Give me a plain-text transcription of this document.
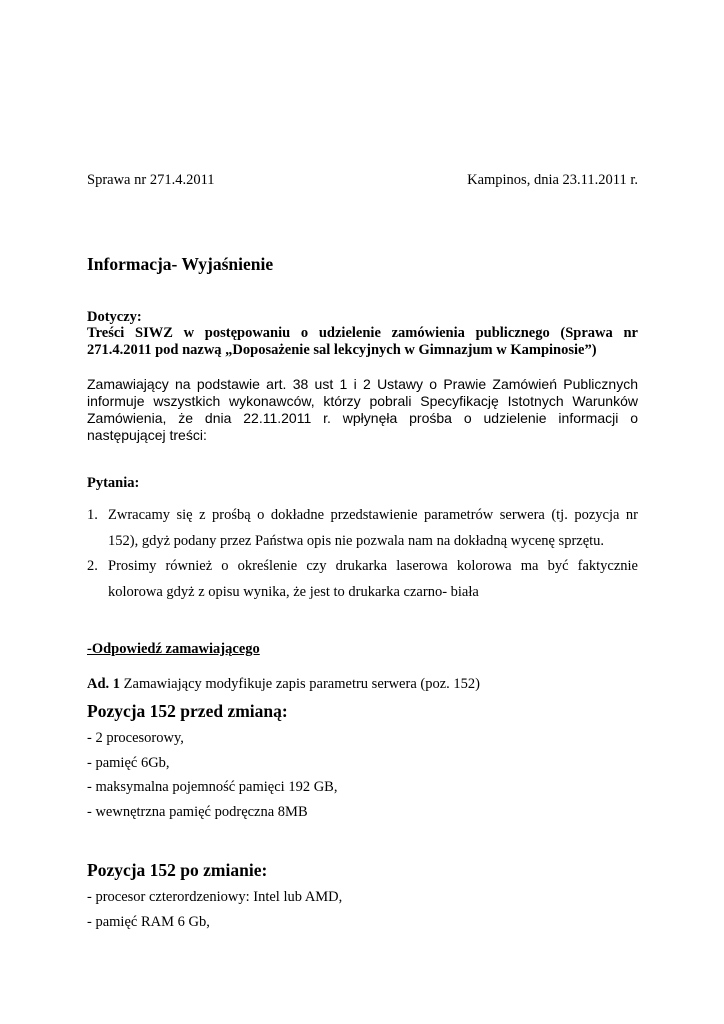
Sprawa nr 271.4.2011	Kampinos, dnia 23.11.2011 r.
Informacja- Wyjaśnienie
Dotyczy:
Treści SIWZ w postępowaniu o udzielenie zamówienia publicznego (Sprawa nr 271.4.2011 pod nazwą „Doposażenie sal lekcyjnych w Gimnazjum w Kampinosie”)
Zamawiający na podstawie art. 38 ust 1 i 2 Ustawy o Prawie Zamówień Publicznych informuje wszystkich wykonawców, którzy pobrali Specyfikację Istotnych Warunków Zamówienia, że dnia 22.11.2011 r. wpłynęła prośba o udzielenie informacji o następującej treści:
Pytania:
1. Zwracamy się z prośbą o dokładne przedstawienie parametrów serwera (tj. pozycja nr 152), gdyż podany przez Państwa opis nie pozwala nam na dokładną wycenę sprzętu.
2. Prosimy również o określenie czy drukarka laserowa kolorowa ma być faktycznie kolorowa gdyż z opisu wynika, że jest to drukarka czarno- biała
-Odpowiedź zamawiającego
Ad. 1 Zamawiający modyfikuje zapis parametru serwera (poz. 152)
Pozycja 152 przed zmianą:
- 2 procesorowy,
- pamięć 6Gb,
- maksymalna pojemność pamięci 192 GB,
- wewnętrzna pamięć podręczna 8MB
Pozycja 152 po zmianie:
- procesor czterordzeniowy: Intel lub AMD,
- pamięć RAM 6 Gb,
